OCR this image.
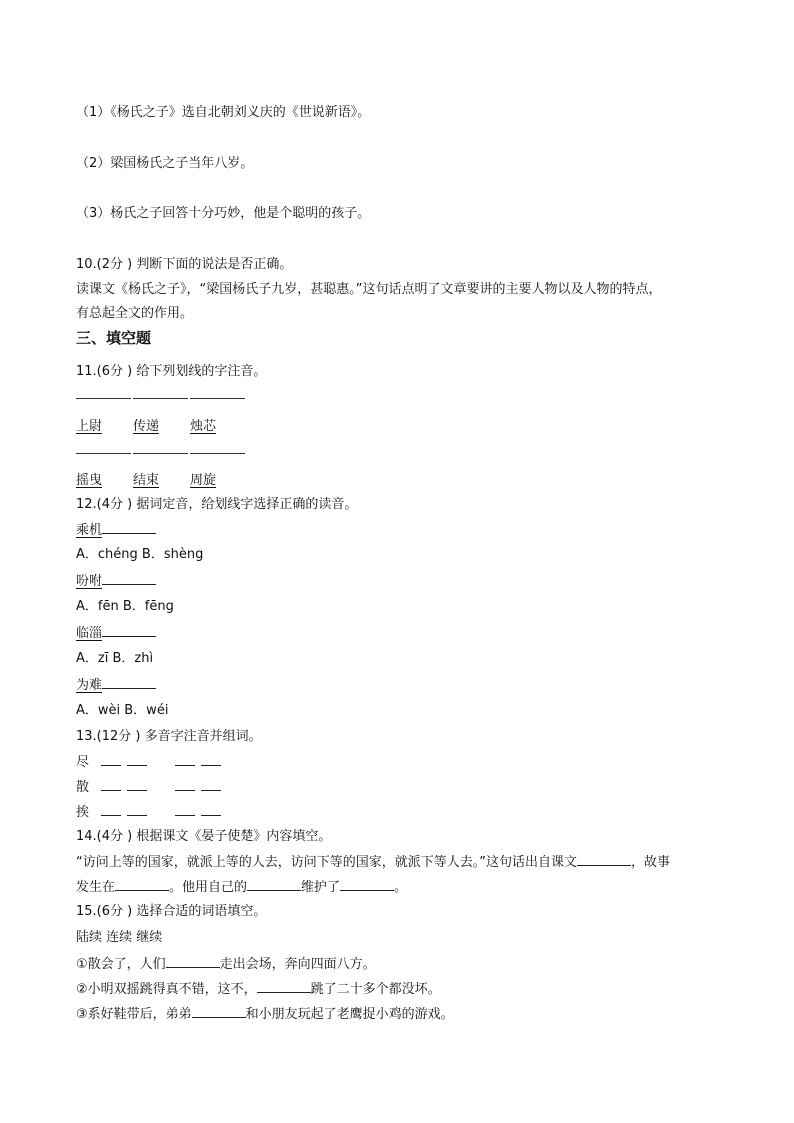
（1）《杨氏之子》选自北朝刘义庆的《世说新语》。
（2）梁国杨氏之子当年八岁。
（3）杨氏之子回答十分巧妙，他是个聪明的孩子。
10.(2分 ) 判断下面的说法是否正确。
读课文《杨氏之子》，“梁国杨氏子九岁，甚聪惠。”这句话点明了文章要讲的主要人物以及人物的特点，
有总起全文的作用。
三、填空题
11.(6分 ) 给下列划线的字注音。
上尉	传递	烛芯
摇曳	结束	周旋
12.(4分 ) 据词定音，给划线字选择正确的读音。
乘机
A．chéng B．shèng
吩咐
A．fēn B．fēng
临淄
A．zī B．zhì
为难
A．wèi B．wéi
13.(12分 ) 多音字注音并组词。
尽
散
挨
14.(4分 ) 根据课文《晏子使楚》内容填空。
“访问上等的国家，就派上等的人去，访问下等的国家，就派下等人去。”这句话出自课文	，故事
发生在	。他用自己的	维护了	。
15.(6分 ) 选择合适的词语填空。
陆续 连续 继续
①散会了，人们	走出会场，奔向四面八方。
②小明双摇跳得真不错，这不，	跳了二十多个都没坏。
③系好鞋带后，弟弟	和小朋友玩起了老鹰捉小鸡的游戏。
